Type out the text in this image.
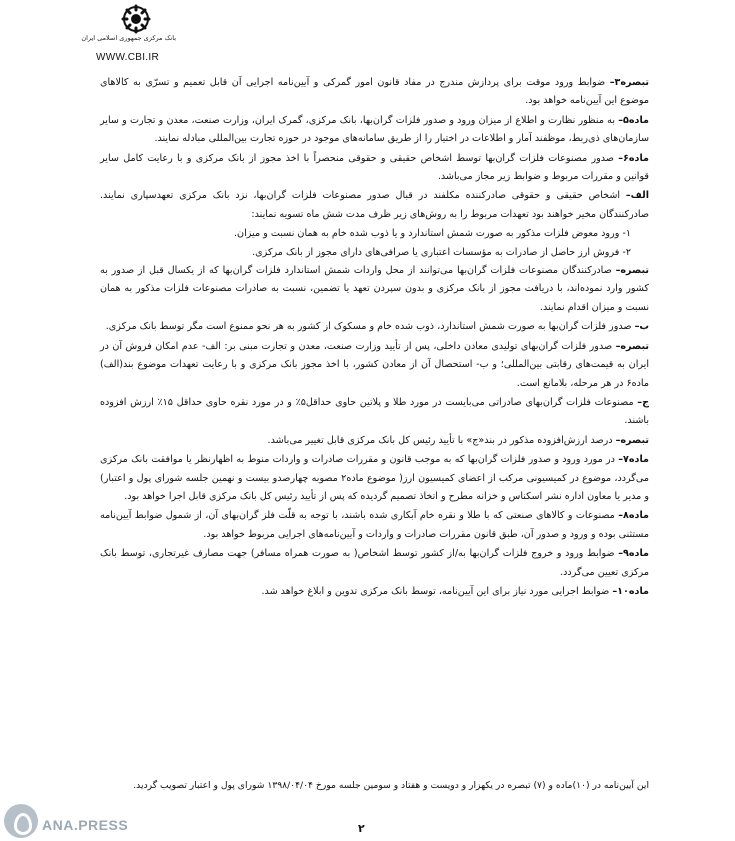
بانک مرکزی جمهوری اسلامی ایران
WWW.CBI.IR

تبصره۳– ضوابط ورود موقت برای پردازش مندرج در مفاد قانون امور گمرکی و آیین‌نامه اجرایی آن قابل تعمیم و تسرّی به کالاهای موضوع این آیین‌نامه خواهد بود.

ماده۵– به منظور نظارت و اطلاع از میزان ورود و صدور فلزات گران‌بها، بانک مرکزی، گمرک ایران، وزارت صنعت، معدن و تجارت و سایر سازمان‌های ذی‌ربط، موظفند آمار و اطلاعات در اختیار را از طریق سامانه‌های موجود در حوزه تجارت بین‌المللی مبادله نمایند.

ماده۶– صدور مصنوعات فلزات گران‌بها توسط اشخاص حقیقی و حقوقی منحصراً با اخذ مجوز از بانک مرکزی و با رعایت کامل سایر قوانین و مقررات مربوط و ضوابط زیر مجاز می‌باشد.

الف– اشخاص حقیقی و حقوقی صادرکننده مکلفند در قبال صدور مصنوعات فلزات گران‌بها، نزد بانک مرکزی تعهدسپاری نمایند. صادرکنندگان مخیر خواهند بود تعهدات مربوط را به روش‌های زیر ظرف مدت شش ماه تسویه نمایند:

۱- ورود معوض فلزات مذکور به صورت شمش استاندارد و یا ذوب شده خام به همان نسبت و میزان.

۲- فروش ارز حاصل از صادرات به مؤسسات اعتباری یا صرافی‌های دارای مجوز از بانک مرکزی.

تبصره– صادرکنندگان مصنوعات فلزات گران‌بها می‌توانند از محل واردات شمش استاندارد فلزات گران‌بها که از یکسال قبل از صدور به کشور وارد نموده‌اند، با دریافت مجوز از بانک مرکزی و بدون سپردن تعهد یا تضمین، نسبت به صادرات مصنوعات فلزات مذکور به همان نسبت و میزان اقدام نمایند.

ب– صدور فلزات گران‌بها به صورت شمش استاندارد، ذوب شده خام و مسکوک از کشور به هر نحو ممنوع است مگر توسط بانک مرکزی.

تبصره– صدور فلزات گران‌بهای تولیدی معادن داخلی، پس از تأیید وزارت صنعت، معدن و تجارت مبنی بر: الف- عدم امکان فروش آن در ایران به قیمت‌های رقابتی بین‌المللی؛ و ب- استحصال آن از معادن کشور، با اخذ مجوز بانک مرکزی و با رعایت تعهدات موضوع بند(الف) ماده۶ در هر مرحله، بلامانع است.

ج– مصنوعات فلزات گران‌بهای صادراتی می‌بایست در مورد طلا و پلاتین حاوی حداقل۵٪ و در مورد نقره حاوی حداقل ۱۵٪ ارزش افزوده باشند.

تبصره– درصد ارزش‌افزوده مذکور در بند«ج» با تأیید رئیس کل بانک مرکزی قابل تغییر می‌باشد.

ماده۷– در مورد ورود و صدور فلزات گران‌بها که به موجب قانون و مقررات صادرات و واردات منوط به اظهارنظر یا موافقت بانک مرکزی می‌گردد، موضوع در کمیسیونی مرکب از اعضای کمیسیون ارز( موضوع ماده۲ مصوبه چهارصدو بیست و نهمین جلسه شورای پول و اعتبار) و مدیر یا معاون اداره نشر اسکناس و خزانه مطرح و اتخاذ تصمیم گردیده که پس از تأیید رئیس کل بانک مرکزی قابل اجرا خواهد بود.

ماده۸– مصنوعات و کالاهای صنعتی که با طلا و نقره خام آبکاری شده باشند، با توجه به قلّت فلز گران‌بهای آن، از شمول ضوابط آیین‌نامه مستثنی بوده و ورود و صدور آن، طبق قانون مقررات صادرات و واردات و آیین‌نامه‌های اجرایی مربوط خواهد بود.

ماده۹– ضوابط ورود و خروج فلزات گران‌بها به/از کشور توسط اشخاص( به صورت همراه مسافر) جهت مصارف غیرتجاری، توسط بانک مرکزی تعیین می‌گردد.

ماده۱۰– ضوابط اجرایی مورد نیاز برای این آیین‌نامه، توسط بانک مرکزی تدوین و ابلاغ خواهد شد.

این آیین‌نامه در (۱۰)ماده و (۷) تبصره در یکهزار و دویست و هفتاد و سومین جلسه مورخ ۱۳۹۸/۰۴/۰۴ شورای پول و اعتبار تصویب گردید.
۲
ANA.PRESS
